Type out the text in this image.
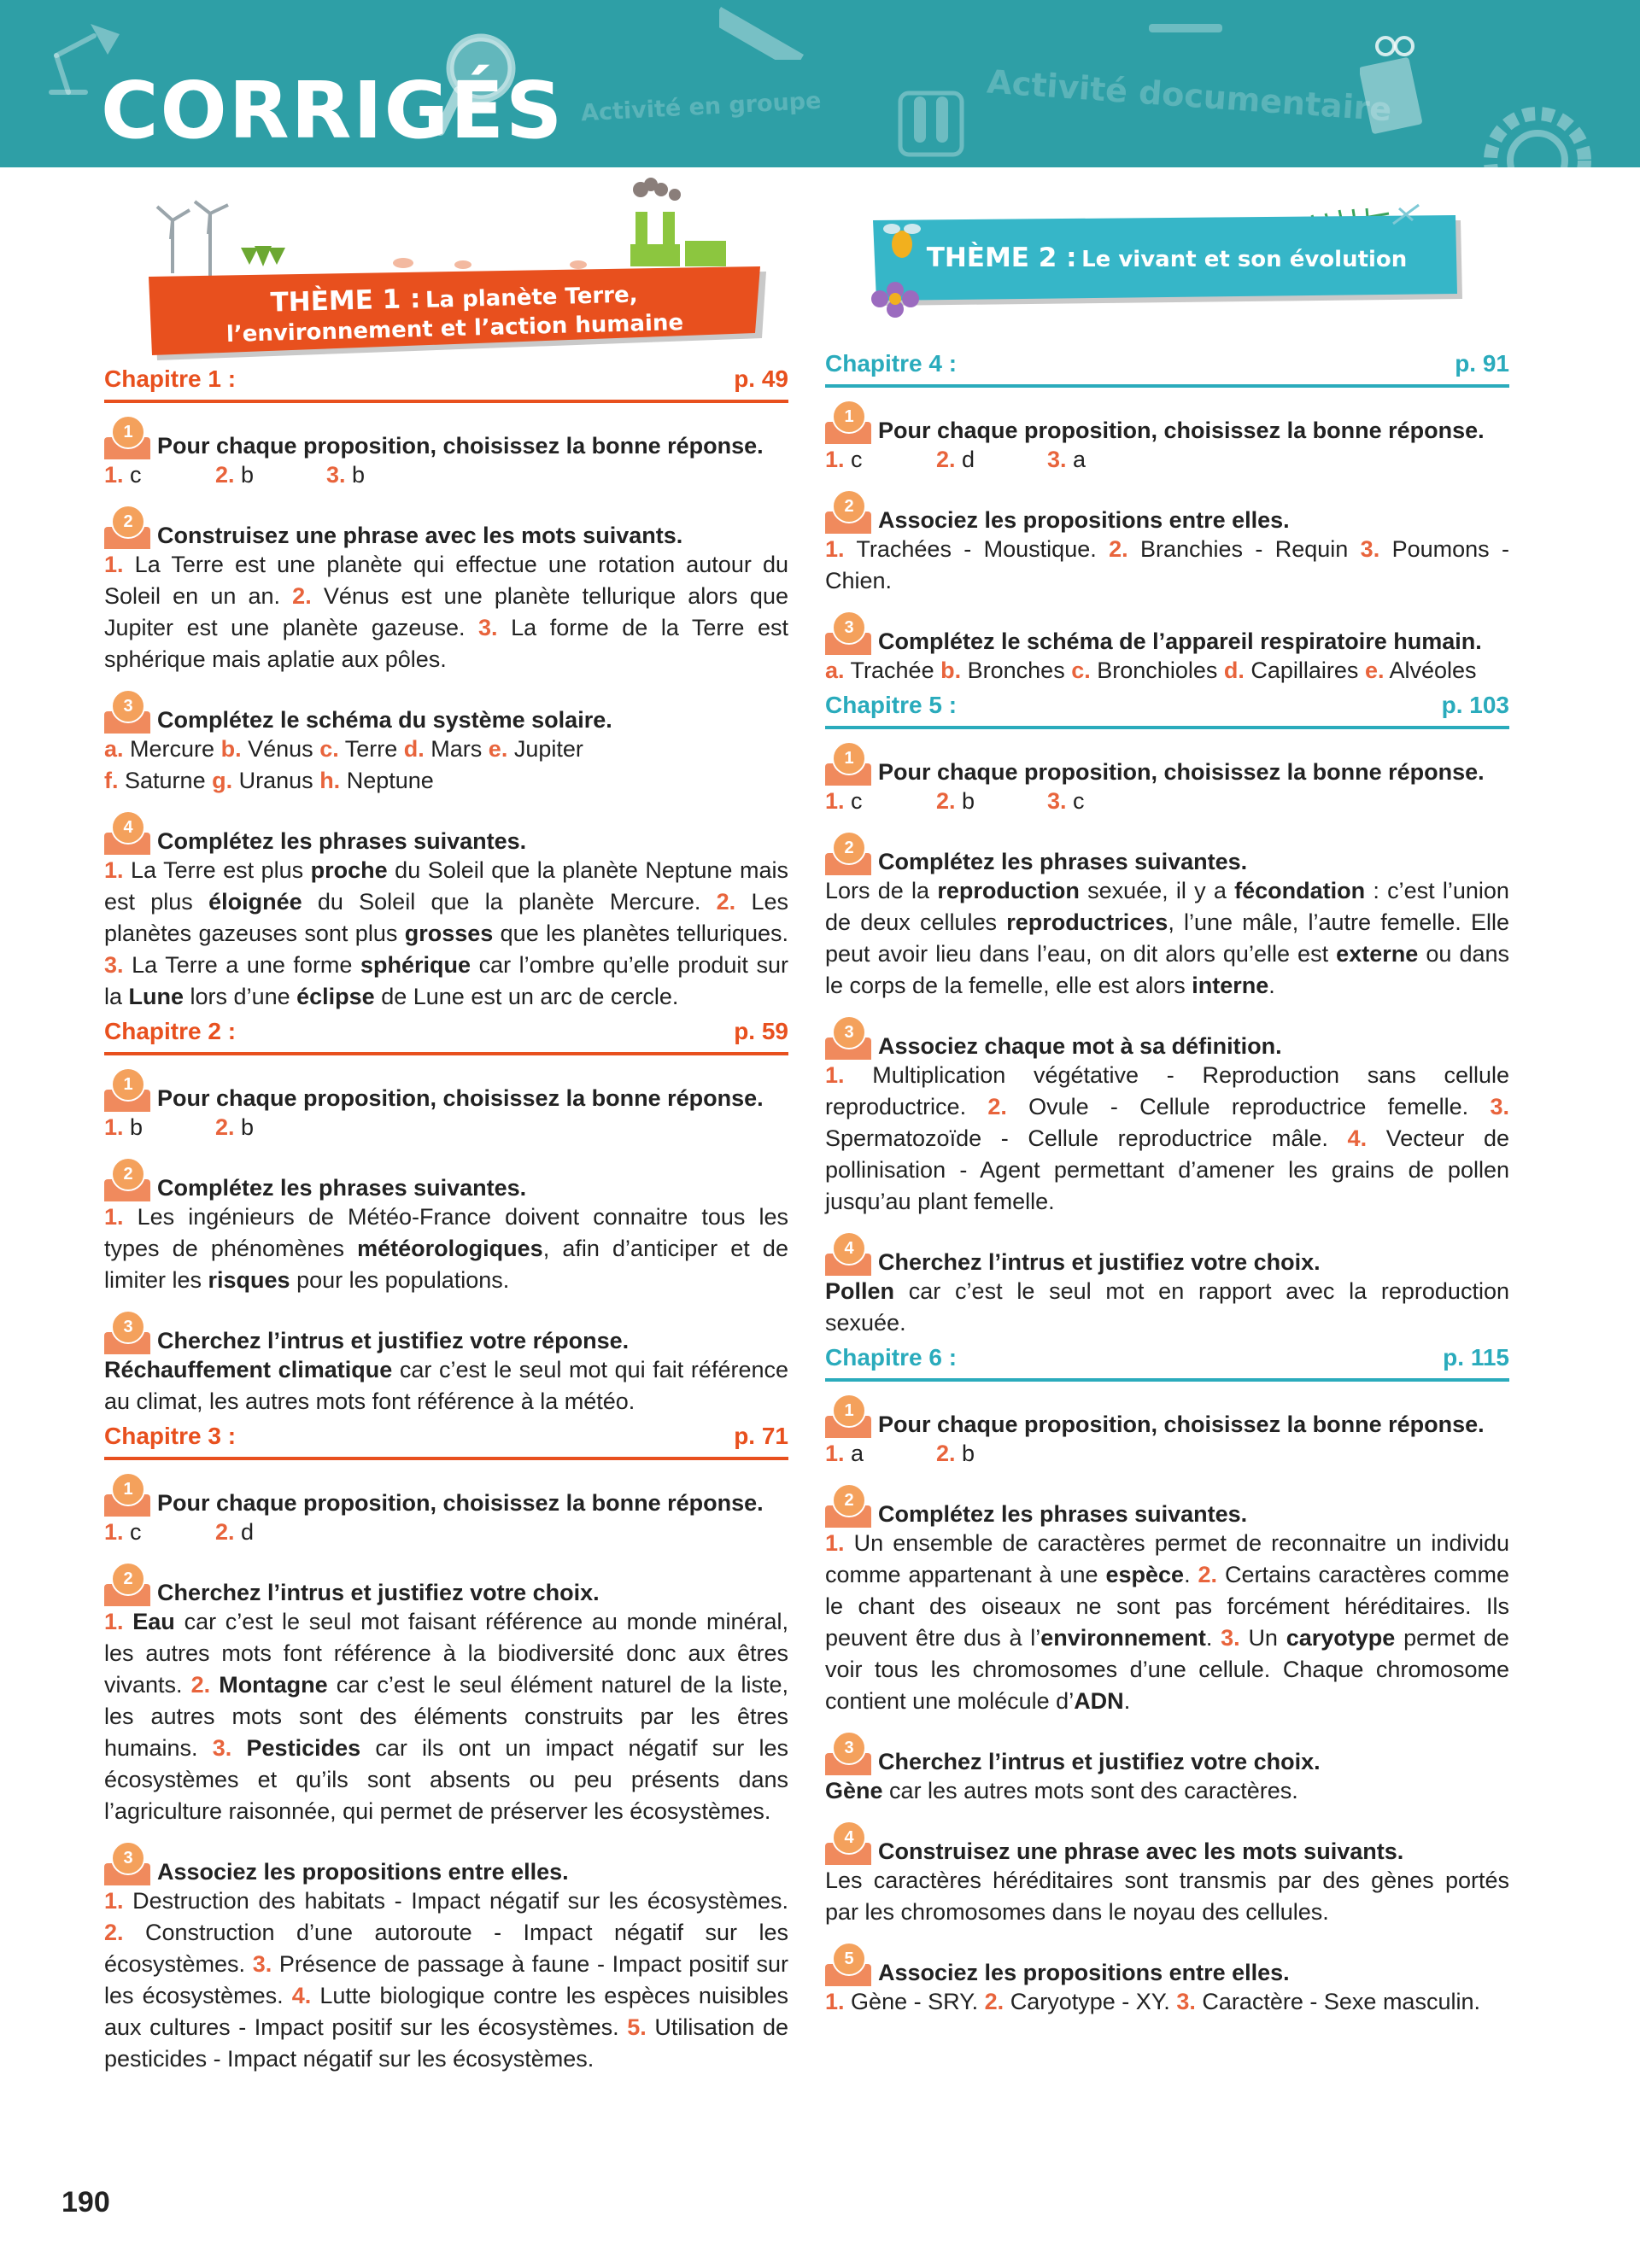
Activité en groupe	Activité documentaire
CORRIGÉS
THÈME 1 : La planète Terre,
l’environnement et l’action humaine
Chapitre 1 :	p. 49
1
Pour chaque proposition, choisissez la bonne réponse.
1. c	2. b	3. b
2
Construisez une phrase avec les mots suivants.
1. La Terre est une planète qui effectue une rotation autour du Soleil en un an. 2. Vénus est une planète tellurique alors que Jupiter est une planète gazeuse. 3. La forme de la Terre est sphérique mais aplatie aux pôles.
3
Complétez le schéma du système solaire.
a. Mercure b. Vénus c. Terre d. Mars e. Jupiter
f. Saturne g. Uranus h. Neptune
4
Complétez les phrases suivantes.
1. La Terre est plus proche du Soleil que la planète Neptune mais est plus éloignée du Soleil que la planète Mercure. 2. Les planètes gazeuses sont plus grosses que les planètes telluriques. 3. La Terre a une forme sphérique car l’ombre qu’elle produit sur la Lune lors d’une éclipse de Lune est un arc de cercle.
Chapitre 2 :	p. 59
1
Pour chaque proposition, choisissez la bonne réponse.
1. b	2. b
2
Complétez les phrases suivantes.
1. Les ingénieurs de Météo-France doivent connaitre tous les types de phénomènes météorologiques, afin d’anticiper et de limiter les risques pour les populations.
3
Cherchez l’intrus et justifiez votre réponse.
Réchauffement climatique car c’est le seul mot qui fait référence au climat, les autres mots font référence à la météo.
Chapitre 3 :	p. 71
1
Pour chaque proposition, choisissez la bonne réponse.
1. c	2. d
2
Cherchez l’intrus et justifiez votre choix.
1. Eau car c’est le seul mot faisant référence au monde minéral, les autres mots font référence à la biodiversité donc aux êtres vivants. 2. Montagne car c’est le seul élément naturel de la liste, les autres mots sont des éléments construits par les êtres humains. 3. Pesticides car ils ont un impact négatif sur les écosystèmes et qu’ils sont absents ou peu présents dans l’agriculture raisonnée, qui permet de préserver les écosystèmes.
3
Associez les propositions entre elles.
1. Destruction des habitats - Impact négatif sur les écosystèmes. 2. Construction d’une autoroute - Impact négatif sur les écosystèmes. 3. Présence de passage à faune - Impact positif sur les écosystèmes. 4. Lutte biologique contre les espèces nuisibles aux cultures - Impact positif sur les écosystèmes. 5. Utilisation de pesticides - Impact négatif sur les écosystèmes.
THÈME 2 : Le vivant et son évolution
Chapitre 4 :	p. 91
1
Pour chaque proposition, choisissez la bonne réponse.
1. c	2. d	3. a
2
Associez les propositions entre elles.
1. Trachées - Moustique. 2. Branchies - Requin 3. Poumons - Chien.
3
Complétez le schéma de l’appareil respiratoire humain.
a. Trachée b. Bronches c. Bronchioles d. Capillaires e. Alvéoles
Chapitre 5 :	p. 103
1
Pour chaque proposition, choisissez la bonne réponse.
1. c	2. b	3. c
2
Complétez les phrases suivantes.
Lors de la reproduction sexuée, il y a fécondation : c’est l’union de deux cellules reproductrices, l’une mâle, l’autre femelle. Elle peut avoir lieu dans l’eau, on dit alors qu’elle est externe ou dans le corps de la femelle, elle est alors interne.
3
Associez chaque mot à sa définition.
1. Multiplication végétative - Reproduction sans cellule reproductrice. 2. Ovule - Cellule reproductrice femelle. 3. Spermatozoïde - Cellule reproductrice mâle. 4. Vecteur de pollinisation - Agent permettant d’amener les grains de pollen jusqu’au plant femelle.
4
Cherchez l’intrus et justifiez votre choix.
Pollen car c’est le seul mot en rapport avec la reproduction sexuée.
Chapitre 6 :	p. 115
1
Pour chaque proposition, choisissez la bonne réponse.
1. a	2. b
2
Complétez les phrases suivantes.
1. Un ensemble de caractères permet de reconnaitre un individu comme appartenant à une espèce. 2. Certains caractères comme le chant des oiseaux ne sont pas forcément héréditaires. Ils peuvent être dus à l’environnement. 3. Un caryotype permet de voir tous les chromosomes d’une cellule. Chaque chromosome contient une molécule d’ADN.
3
Cherchez l’intrus et justifiez votre choix.
Gène car les autres mots sont des caractères.
4
Construisez une phrase avec les mots suivants.
Les caractères héréditaires sont transmis par des gènes portés par les chromosomes dans le noyau des cellules.
5
Associez les propositions entre elles.
1. Gène - SRY. 2. Caryotype - XY. 3. Caractère - Sexe masculin.
190
